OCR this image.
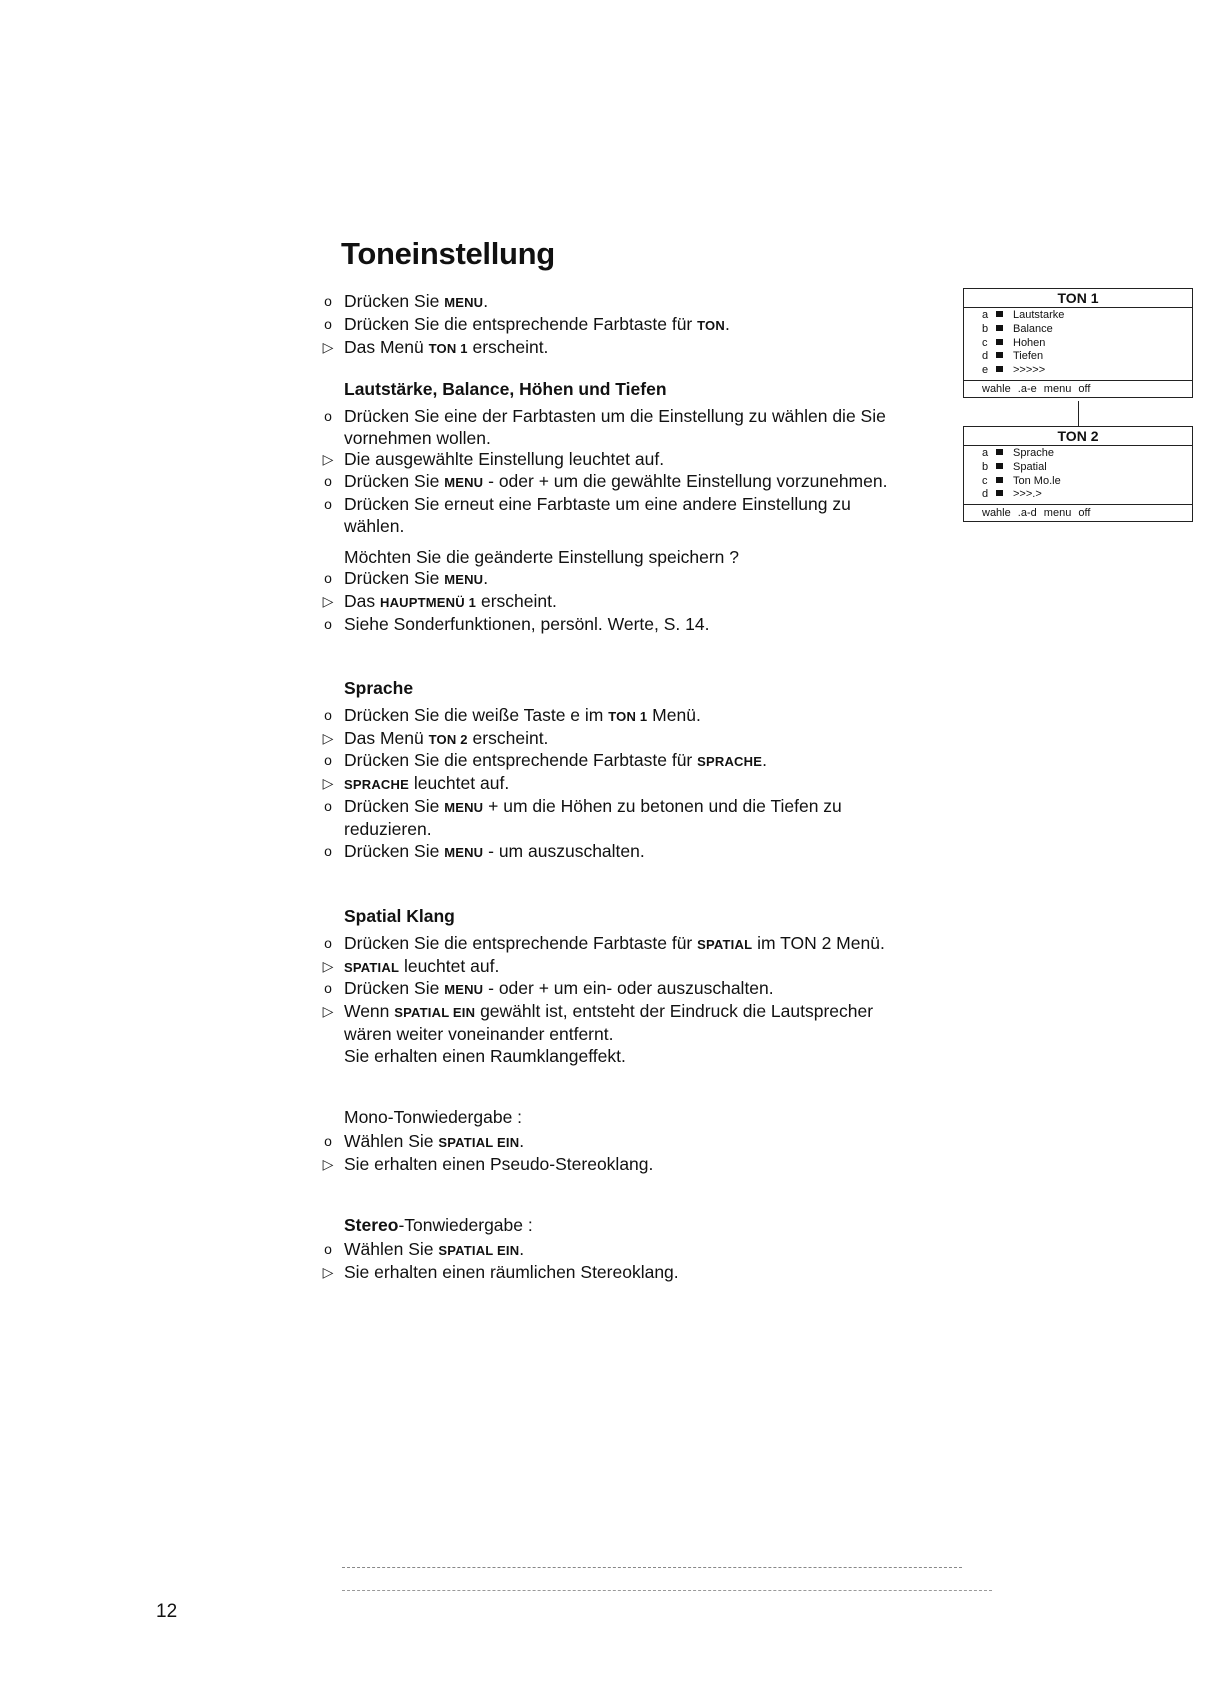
Toneinstellung
o Drücken Sie MENU.
o Drücken Sie die entsprechende Farbtaste für TON.
▷ Das Menü TON 1 erscheint.
Lautstärke, Balance, Höhen und Tiefen
o Drücken Sie eine der Farbtasten um die Einstellung zu wählen die Sie
vornehmen wollen.
▷ Die ausgewählte Einstellung leuchtet auf.
o Drücken Sie MENU - oder + um die gewählte Einstellung vorzunehmen.
o Drücken Sie erneut eine Farbtaste um eine andere Einstellung zu
wählen.
Möchten Sie die geänderte Einstellung speichern ?
o Drücken Sie MENU.
▷ Das HAUPTMENÜ 1 erscheint.
o Siehe Sonderfunktionen, persönl. Werte, S. 14.
Sprache
o Drücken Sie die weiße Taste e im TON 1 Menü.
▷ Das Menü TON 2 erscheint.
o Drücken Sie die entsprechende Farbtaste für SPRACHE.
▷ SPRACHE leuchtet auf.
o Drücken Sie MENU + um die Höhen zu betonen und die Tiefen zu
reduzieren.
o Drücken Sie MENU - um auszuschalten.
Spatial Klang
o Drücken Sie die entsprechende Farbtaste für SPATIAL im TON 2 Menü.
▷ SPATIAL leuchtet auf.
o Drücken Sie MENU - oder + um ein- oder auszuschalten.
▷ Wenn SPATIAL EIN gewählt ist, entsteht der Eindruck die Lautsprecher
wären weiter voneinander entfernt.
Sie erhalten einen Raumklangeffekt.
Mono-Tonwiedergabe :
o Wählen Sie SPATIAL EIN.
▷ Sie erhalten einen Pseudo-Stereoklang.
Stereo-Tonwiedergabe :
o Wählen Sie SPATIAL EIN.
▷ Sie erhalten einen räumlichen Stereoklang.
TON 1
a Lautstarke
b Balance
c Hohen
d Tiefen
e >>>>>
wahle .a-e menu off
TON 2
a Sprache
b Spatial
c Ton Mo.le
d >>>.>
wahle .a-d menu off
12
